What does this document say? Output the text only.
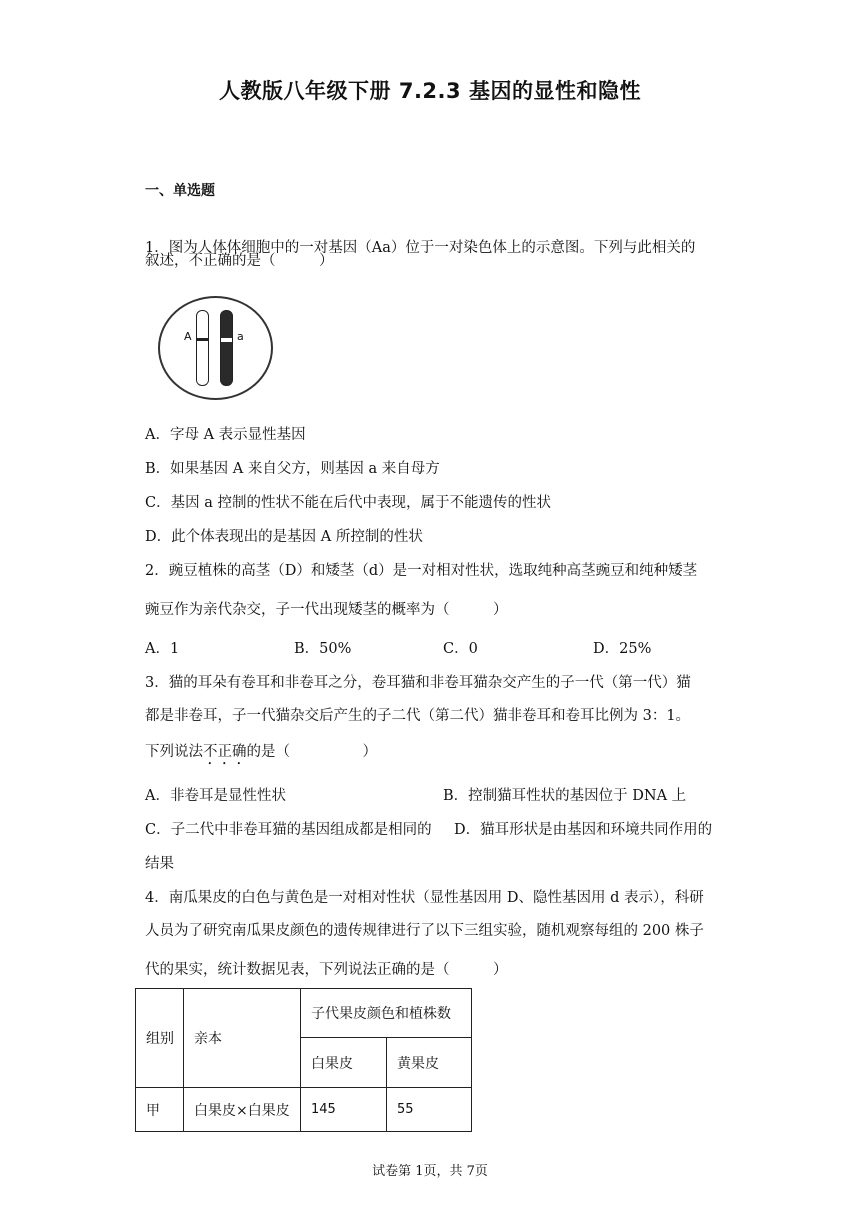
人教版八年级下册 7.2.3 基因的显性和隐性
一、单选题
1．图为人体体细胞中的一对基因（Aa）位于一对染色体上的示意图。下列与此相关的
叙述，不正确的是（　　　）
A	a
A．字母 A 表示显性基因
B．如果基因 A 来自父方，则基因 a 来自母方
C．基因 a 控制的性状不能在后代中表现，属于不能遗传的性状
D．此个体表现出的是基因 A 所控制的性状
2．豌豆植株的高茎（D）和矮茎（d）是一对相对性状，选取纯种高茎豌豆和纯种矮茎
豌豆作为亲代杂交，子一代出现矮茎的概率为（　　　）
A．1	B．50%	C．0	D．25%
3．猫的耳朵有卷耳和非卷耳之分，卷耳猫和非卷耳猫杂交产生的子一代（第一代）猫
都是非卷耳，子一代猫杂交后产生的子二代（第二代）猫非卷耳和卷耳比例为 3：1。
下列说法不正确的是（　　　　　）
A．非卷耳是显性性状	B．控制猫耳性状的基因位于 DNA 上
C．子二代中非卷耳猫的基因组成都是相同的 D．猫耳形状是由基因和环境共同作用的
结果
4．南瓜果皮的白色与黄色是一对相对性状（显性基因用 D、隐性基因用 d 表示），科研
人员为了研究南瓜果皮颜色的遗传规律进行了以下三组实验，随机观察每组的 200 株子
代的果实，统计数据见表，下列说法正确的是（　　　）
组别	亲本	子代果皮颜色和植株数	
		白果皮	黄果皮
甲	白果皮×白果皮	145	55
试卷第 1页，共 7页
